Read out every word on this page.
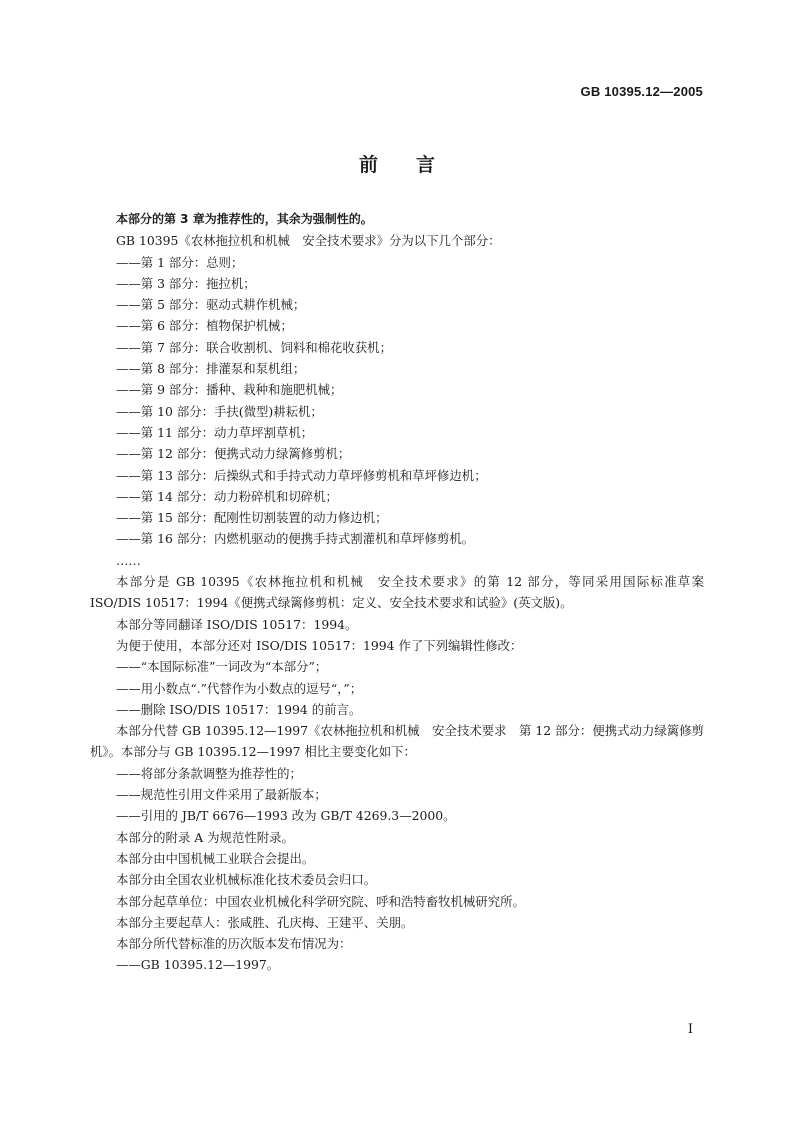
GB 10395.12—2005
前言

本部分的第 3 章为推荐性的，其余为强制性的。

GB 10395《农林拖拉机和机械　安全技术要求》分为以下几个部分：

——第 1 部分：总则；

——第 3 部分：拖拉机；

——第 5 部分：驱动式耕作机械；

——第 6 部分：植物保护机械；

——第 7 部分：联合收割机、饲料和棉花收获机；

——第 8 部分：排灌泵和泵机组；

——第 9 部分：播种、栽种和施肥机械；

——第 10 部分：手扶(微型)耕耘机；

——第 11 部分：动力草坪割草机；

——第 12 部分：便携式动力绿篱修剪机；

——第 13 部分：后操纵式和手持式动力草坪修剪机和草坪修边机；

——第 14 部分：动力粉碎机和切碎机；

——第 15 部分：配刚性切割装置的动力修边机；

——第 16 部分：内燃机驱动的便携手持式割灌机和草坪修剪机。

……

本部分是 GB 10395《农林拖拉机和机械　安全技术要求》的第 12 部分，等同采用国际标准草案 ISO/DIS 10517：1994《便携式绿篱修剪机：定义、安全技术要求和试验》(英文版)。

本部分等同翻译 ISO/DIS 10517：1994。

为便于使用，本部分还对 ISO/DIS 10517：1994 作了下列编辑性修改：

——“本国际标准”一词改为“本部分”；

——用小数点“.”代替作为小数点的逗号“，”；

——删除 ISO/DIS 10517：1994 的前言。

本部分代替 GB 10395.12—1997《农林拖拉机和机械　安全技术要求　第 12 部分：便携式动力绿篱修剪机》。本部分与 GB 10395.12—1997 相比主要变化如下：

——将部分条款调整为推荐性的；

——规范性引用文件采用了最新版本；

——引用的 JB/T 6676—1993 改为 GB/T 4269.3—2000。

本部分的附录 A 为规范性附录。

本部分由中国机械工业联合会提出。

本部分由全国农业机械标准化技术委员会归口。

本部分起草单位：中国农业机械化科学研究院、呼和浩特畜牧机械研究所。

本部分主要起草人：张咸胜、孔庆梅、王建平、关朋。

本部分所代替标准的历次版本发布情况为：

——GB 10395.12—1997。

I
